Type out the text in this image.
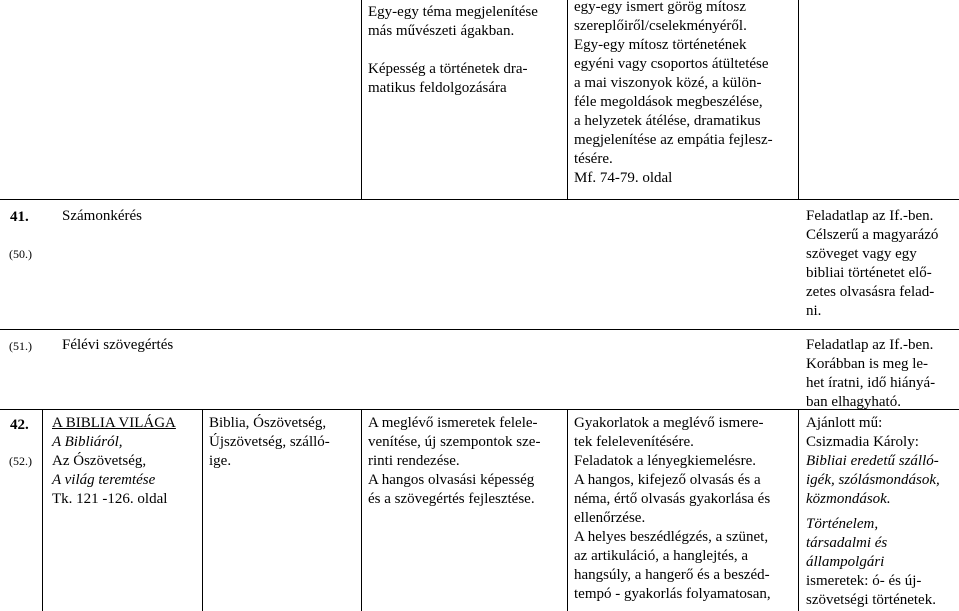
Egy-egy téma megjelenítése
más művészeti ágakban.
Képesség a történetek dra-
matikus feldolgozására
egy-egy ismert görög mítosz
szereplőiről/cselekményéről.
Egy-egy mítosz történetének
egyéni vagy csoportos átültetése
a mai viszonyok közé, a külön-
féle megoldások megbeszélése,
a helyzetek átélése, dramatikus
megjelenítése az empátia fejlesz-
tésére.
Mf. 74-79. oldal
41.
(50.)
Számonkérés	Feladatlap az If.-ben.
Célszerű a magyarázó
szöveget vagy egy
bibliai történetet elő-
zetes olvasásra felad-
ni.
(51.) Félévi szövegértés	Feladatlap az If.-ben.
Korábban is meg le-
het íratni, idő hiányá-
ban elhagyható.
42.
(52.)
A BIBLIA VILÁGA
A Bibliáról,
Az Ószövetség,
A világ teremtése
Tk. 121 -126. oldal
Biblia, Ószövetség,
Újszövetség, szálló-
ige.
A meglévő ismeretek felele-
venítése, új szempontok sze-
rinti rendezése.
A hangos olvasási képesség
és a szövegértés fejlesztése.
Gyakorlatok a meglévő ismere-
tek felelevenítésére.
Feladatok a lényegkiemelésre.
A hangos, kifejező olvasás és a
néma, értő olvasás gyakorlása és
ellenőrzése.
A helyes beszédlégzés, a szünet,
az artikuláció, a hanglejtés, a
hangsúly, a hangerő és a beszéd-
tempó - gyakorlás folyamatosan,
Ajánlott mű:
Csizmadia Károly:
Bibliai eredetű szálló-
igék, szólásmondások,
közmondások.
Történelem,
társadalmi és
állampolgári
ismeretek: ó- és új-
szövetségi történetek.
